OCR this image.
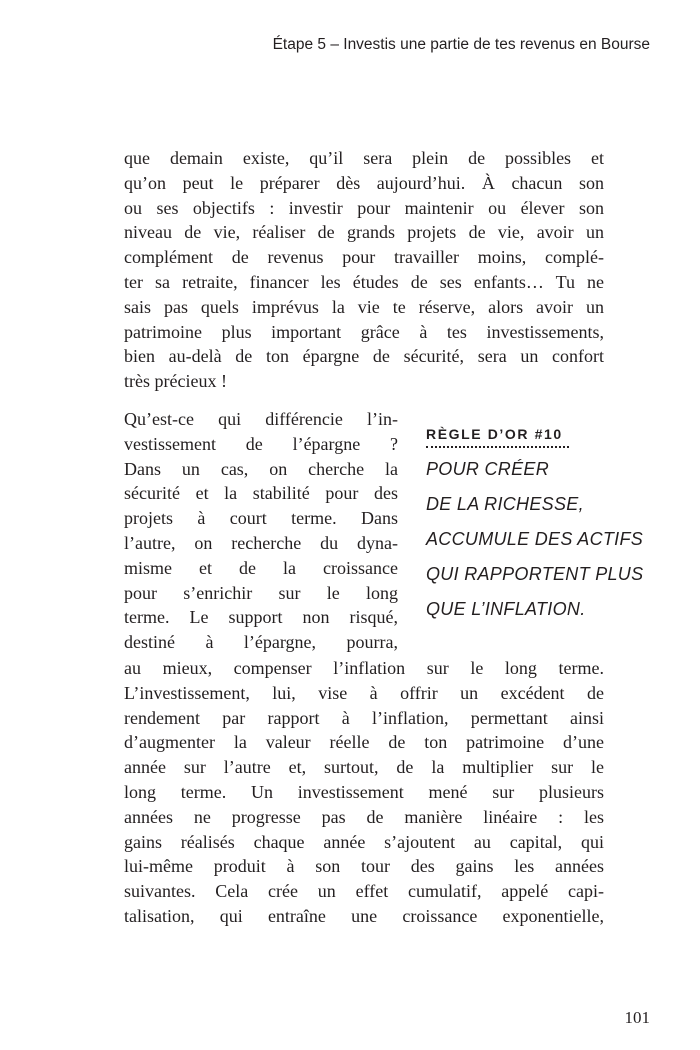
Étape 5 – Investis une partie de tes revenus en Bourse
que demain existe, qu’il sera plein de possibles et
qu’on peut le préparer dès aujourd’hui. À chacun son
ou ses objectifs : investir pour maintenir ou élever son
niveau de vie, réaliser de grands projets de vie, avoir un
complément de revenus pour travailler moins, complé-
ter sa retraite, financer les études de ses enfants… Tu ne
sais pas quels imprévus la vie te réserve, alors avoir un
patrimoine plus important grâce à tes investissements,
bien au-delà de ton épargne de sécurité, sera un confort
très précieux !
Qu’est-ce qui différencie l’in-
vestissement de l’épargne ?
Dans un cas, on cherche la
sécurité et la stabilité pour des
projets à court terme. Dans
l’autre, on recherche du dyna-
misme et de la croissance
pour s’enrichir sur le long
terme. Le support non risqué,
destiné à l’épargne, pourra,
au mieux, compenser l’inflation sur le long terme.
L’investissement, lui, vise à offrir un excédent de
rendement par rapport à l’inflation, permettant ainsi
d’augmenter la valeur réelle de ton patrimoine d’une
année sur l’autre et, surtout, de la multiplier sur le
long terme. Un investissement mené sur plusieurs
années ne progresse pas de manière linéaire : les
gains réalisés chaque année s’ajoutent au capital, qui
lui-même produit à son tour des gains les années
suivantes. Cela crée un effet cumulatif, appelé capi-
talisation, qui entraîne une croissance exponentielle,
RÈGLE D’OR #10
POUR CRÉER
DE LA RICHESSE,
ACCUMULE DES ACTIFS
QUI RAPPORTENT PLUS
QUE L’INFLATION.
101
